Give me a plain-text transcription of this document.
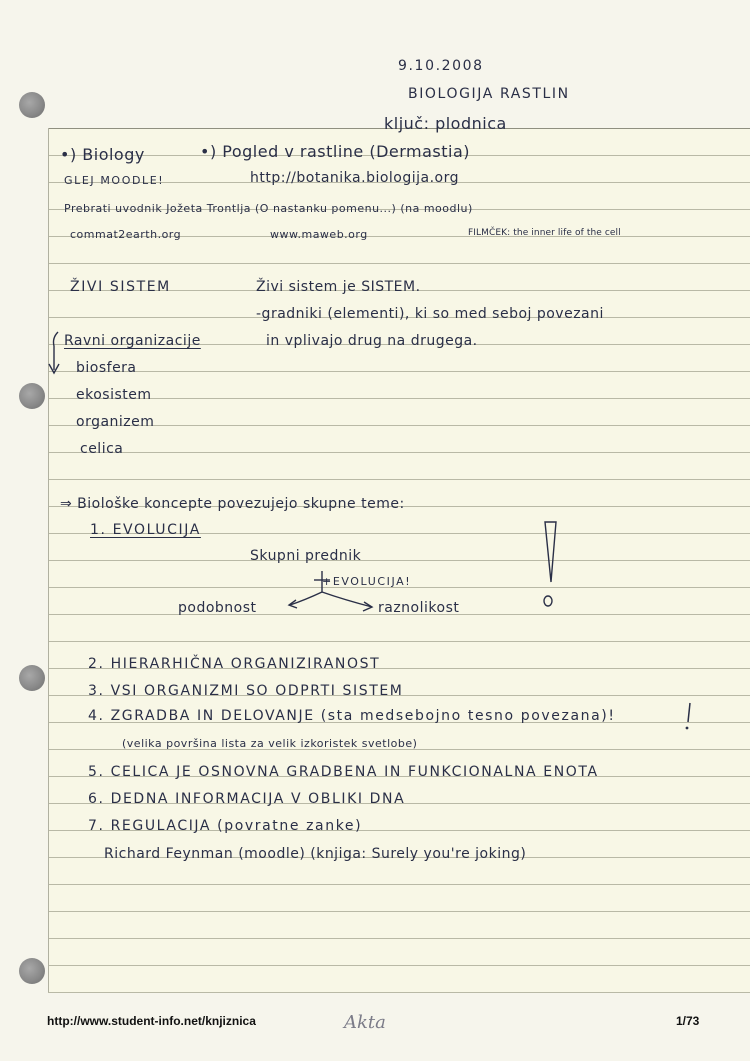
9.10.2008
BIOLOGIJA RASTLIN
ključ: plodnica
•) Biology	•) Pogled v rastline (Dermastia)
GLEJ MOODLE!	http://botanika.biologija.org
Prebrati uvodnik Jožeta Trontlja (O nastanku pomenu...) (na moodlu)
commat2earth.org	www.maweb.org	FILMČEK: the inner life of the cell
ŽIVI SISTEM	Živi sistem je SISTEM.
-gradniki (elementi), ki so med seboj povezani
in vplivajo drug na drugega.
Ravni organizacije
biosfera
ekosistem
organizem
celica
⇒ Biološke koncepte povezujejo skupne teme:
1. EVOLUCIJA
Skupni prednik
+EVOLUCIJA!
podobnost	raznolikost
2. HIERARHIČNA ORGANIZIRANOST
3. VSI ORGANIZMI SO ODPRTI SISTEM
4. ZGRADBA IN DELOVANJE (sta medsebojno tesno povezana)!
(velika površina lista za velik izkoristek svetlobe)
5. CELICA JE OSNOVNA GRADBENA IN FUNKCIONALNA ENOTA
6. DEDNA INFORMACIJA V OBLIKI DNA
7. REGULACIJA (povratne zanke)
Richard Feynman (moodle) (knjiga: Surely you're joking)
http://www.student-info.net/knjiznica	Akta	1/73
